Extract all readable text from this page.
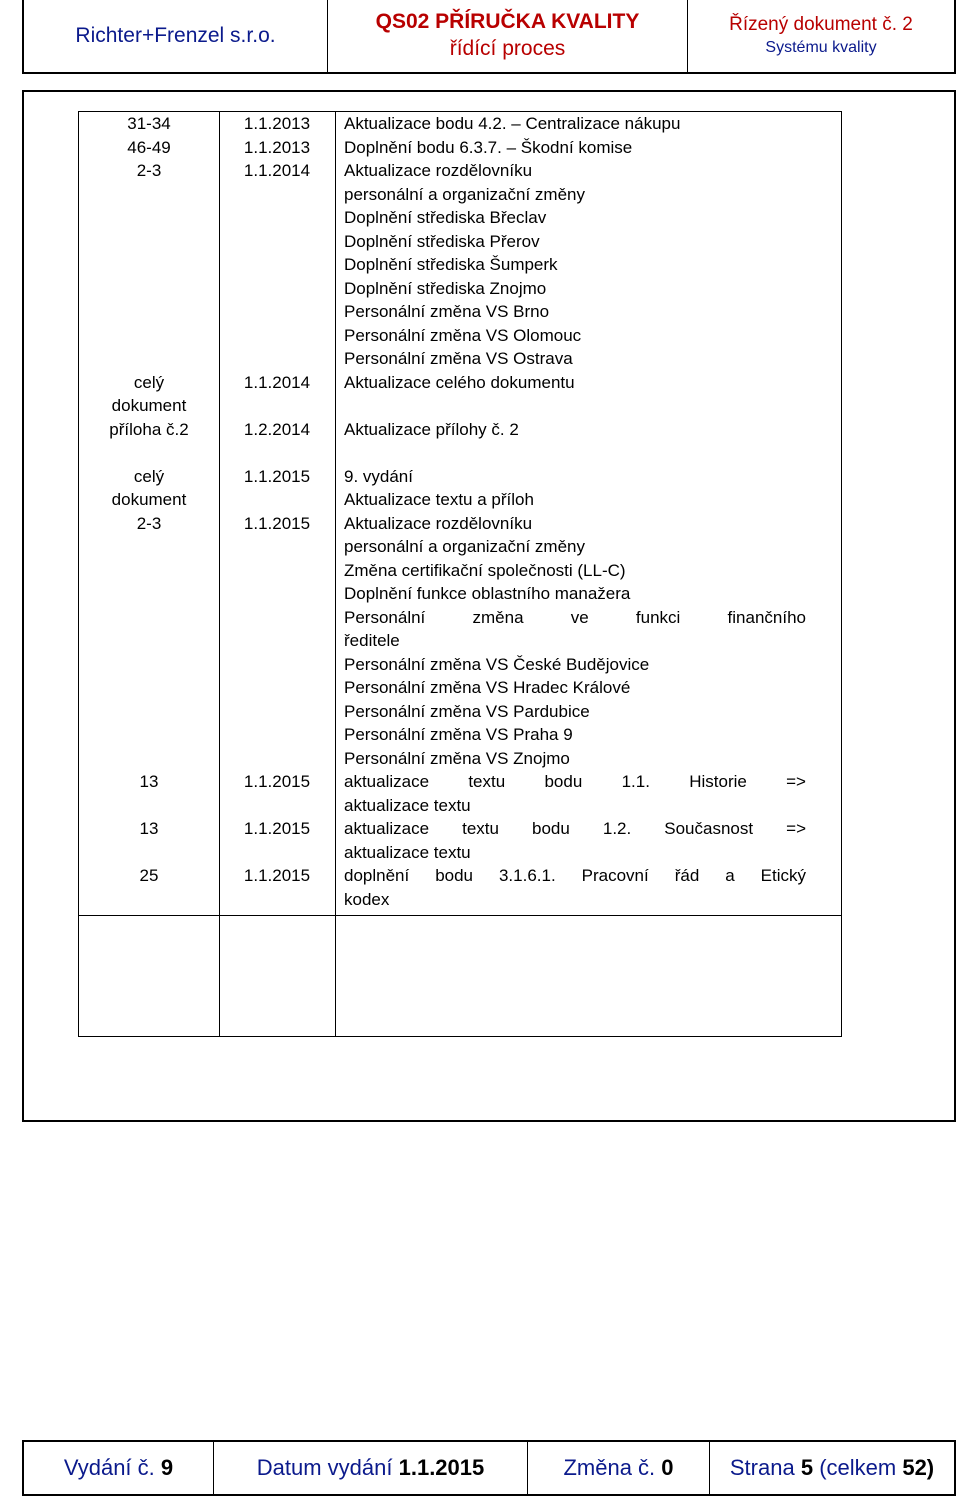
Richter+Frenzel s.r.o.
QS02 PŘÍRUČKA KVALITY
řídící proces
Řízený dokument č. 2
Systému kvality
31-34	1.1.2013	Aktualizace bodu 4.2. – Centralizace nákupu
46-49	1.1.2013	Doplnění bodu 6.3.7. – Škodní komise
2-3	1.1.2014	Aktualizace rozdělovníku
personální a organizační změny
Doplnění střediska Břeclav
Doplnění střediska Přerov
Doplnění střediska Šumperk
Doplnění střediska Znojmo
Personální změna VS Brno
Personální změna VS Olomouc
Personální změna VS Ostrava
celý
dokument
1.1.2014	Aktualizace celého dokumentu
příloha č.2	1.2.2014	Aktualizace přílohy č. 2
celý
dokument
1.1.2015	9. vydání
Aktualizace textu a příloh
2-3	1.1.2015	Aktualizace rozdělovníku
personální a organizační změny
Změna certifikační společnosti (LL-C)
Doplnění funkce oblastního manažera
Personální změna ve funkci finančního
ředitele
Personální změna VS České Budějovice
Personální změna VS Hradec Králové
Personální změna VS Pardubice
Personální změna VS Praha 9
Personální změna VS Znojmo
13	1.1.2015	aktualizace textu bodu 1.1. Historie =>
aktualizace textu
13	1.1.2015	aktualizace textu bodu 1.2. Současnost =>
aktualizace textu
25	1.1.2015	doplnění bodu 3.1.6.1. Pracovní řád a Etický
kodex
Vydání č.
9	Datum vydání
1.1.2015	Změna č.
0	Strana
5
(celkem
52)
